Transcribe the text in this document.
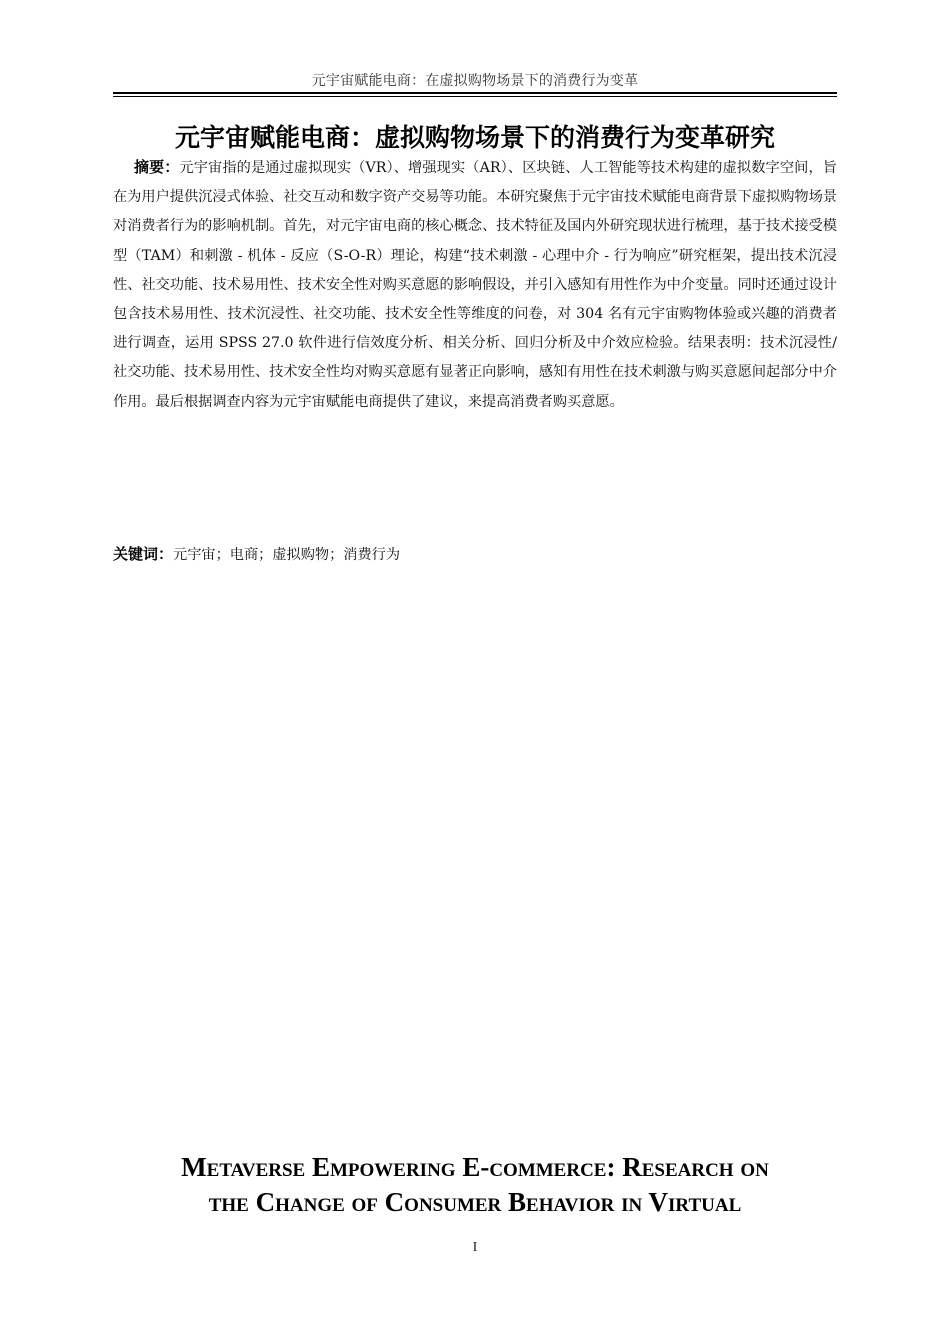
元宇宙赋能电商：在虚拟购物场景下的消费行为变革
元宇宙赋能电商：虚拟购物场景下的消费行为变革研究
摘要：元宇宙指的是通过虚拟现实（VR）、增强现实（AR）、区块链、人工智能等技术构建的虚拟数字空间，旨在为用户提供沉浸式体验、社交互动和数字资产交易等功能。本研究聚焦于元宇宙技术赋能电商背景下虚拟购物场景对消费者行为的影响机制。首先，对元宇宙电商的核心概念、技术特征及国内外研究现状进行梳理，基于技术接受模型（TAM）和刺激 - 机体 - 反应（S-O-R）理论，构建“技术刺激 - 心理中介 - 行为响应”研究框架，提出技术沉浸性、社交功能、技术易用性、技术安全性对购买意愿的影响假设，并引入感知有用性作为中介变量。同时还通过设计包含技术易用性、技术沉浸性、社交功能、技术安全性等维度的问卷，对 304 名有元宇宙购物体验或兴趣的消费者进行调查，运用 SPSS 27.0 软件进行信效度分析、相关分析、回归分析及中介效应检验。结果表明：技术沉浸性/社交功能、技术易用性、技术安全性均对购买意愿有显著正向影响，感知有用性在技术刺激与购买意愿间起部分中介作用。最后根据调查内容为元宇宙赋能电商提供了建议，来提高消费者购买意愿。
关键词：元宇宙；电商；虚拟购物；消费行为
Metaverse Empowering E-commerce: Research on
the Change of Consumer Behavior in Virtual
I
